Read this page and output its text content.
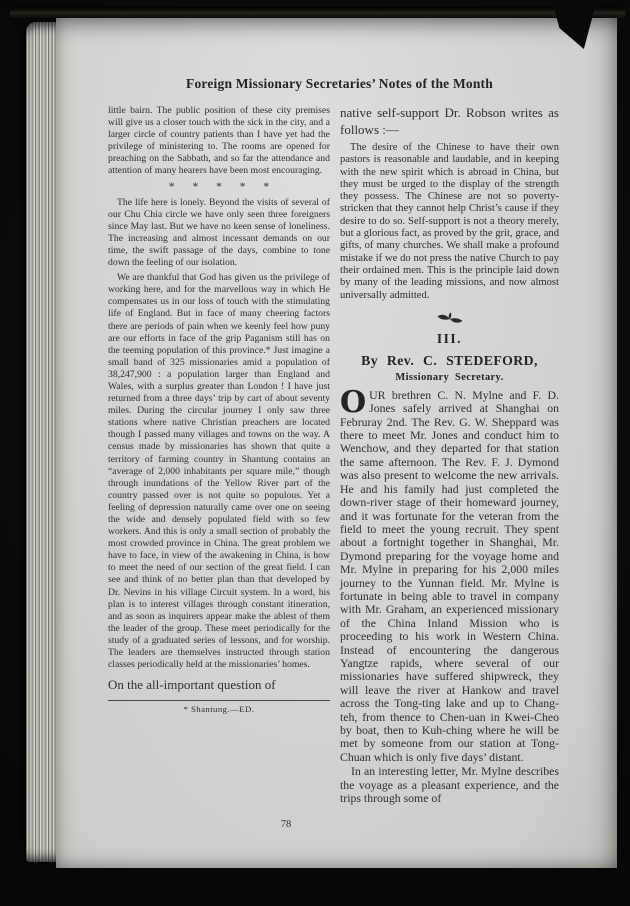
Foreign Missionary Secretaries’ Notes of the Month

little bairn. The public position of these city premises will give us a closer touch with the sick in the city, and a larger circle of country patients than I have yet had the privilege of ministering to. The rooms are opened for preaching on the Sabbath, and so far the attendance and attention of many hearers have been most encouraging.

* * * * *

The life here is lonely. Beyond the visits of several of our Chu Chia circle we have only seen three foreigners since May last. But we have no keen sense of loneliness. The increasing and almost incessant demands on our time, the swift passage of the days, combine to tone down the feeling of our isolation.

We are thankful that God has given us the privilege of working here, and for the marvellous way in which He compensates us in our loss of touch with the stimulating life of England. But in face of many cheering factors there are periods of pain when we keenly feel how puny are our efforts in face of the grip Paganism still has on the teeming population of this province.* Just imagine a small band of 325 missionaries amid a population of 38,247,900 : a population larger than England and Wales, with a surplus greater than London ! I have just returned from a three days’ trip by cart of about seventy miles. During the circular journey I only saw three stations where native Christian preachers are located though I passed many villages and towns on the way. A census made by missionaries has shown that quite a territory of farming country in Shantung contains an “average of 2,000 inhabitants per square mile,” though through inundations of the Yellow River part of the country passed over is not quite so populous. Yet a feeling of depression naturally came over one on seeing the wide and densely populated field with so few workers. And this is only a small section of probably the most crowded province in China. The great problem we have to face, in view of the awakening in China, is how to meet the need of our section of the great field. I can see and think of no better plan than that developed by Dr. Nevins in his village Circuit system. In a word, his plan is to interest villages through constant itineration, and as soon as inquirers appear make the ablest of them the leader of the group. These meet periodically for the study of a graduated series of lessons, and for worship. The leaders are themselves instructed through station classes periodically held at the missionaries’ homes.

On the all-important question of

* Shantung.—ED.

native self-support Dr. Robson writes as follows :—

The desire of the Chinese to have their own pastors is reasonable and laudable, and in keeping with the new spirit which is abroad in China, but they must be urged to the display of the strength they possess. The Chinese are not so poverty-stricken that they cannot help Christ’s cause if they desire to do so. Self-support is not a theory merely, but a glorious fact, as proved by the grit, grace, and gifts, of many churches. We shall make a profound mistake if we do not press the native Church to pay their ordained men. This is the principle laid down by many of the leading missions, and now almost universally admitted.

III.
By Rev. C. STEDEFORD,
Missionary Secretary.

OUR brethren C. N. Mylne and F. D. Jones safely arrived at Shanghai on Februray 2nd. The Rev. G. W. Sheppard was there to meet Mr. Jones and conduct him to Wenchow, and they departed for that station the same afternoon. The Rev. F. J. Dymond was also present to welcome the new arrivals. He and his family had just completed the down-river stage of their homeward journey, and it was fortunate for the veteran from the field to meet the young recruit. They spent about a fortnight together in Shanghai, Mr. Dymond preparing for the voyage home and Mr. Mylne in preparing for his 2,000 miles journey to the Yunnan field. Mr. Mylne is fortunate in being able to travel in company with Mr. Graham, an experienced missionary of the China Inland Mission who is proceeding to his work in Western China. Instead of encountering the dangerous Yangtze rapids, where several of our missionaries have suffered shipwreck, they will leave the river at Hankow and travel across the Tong-ting lake and up to Chang-teh, from thence to Chen-uan in Kwei-Cheo by boat, then to Kuh-ching where he will be met by someone from our station at Tong-Chuan which is only five days’ distant.

In an interesting letter, Mr. Mylne describes the voyage as a pleasant experience, and the trips through some of

78
